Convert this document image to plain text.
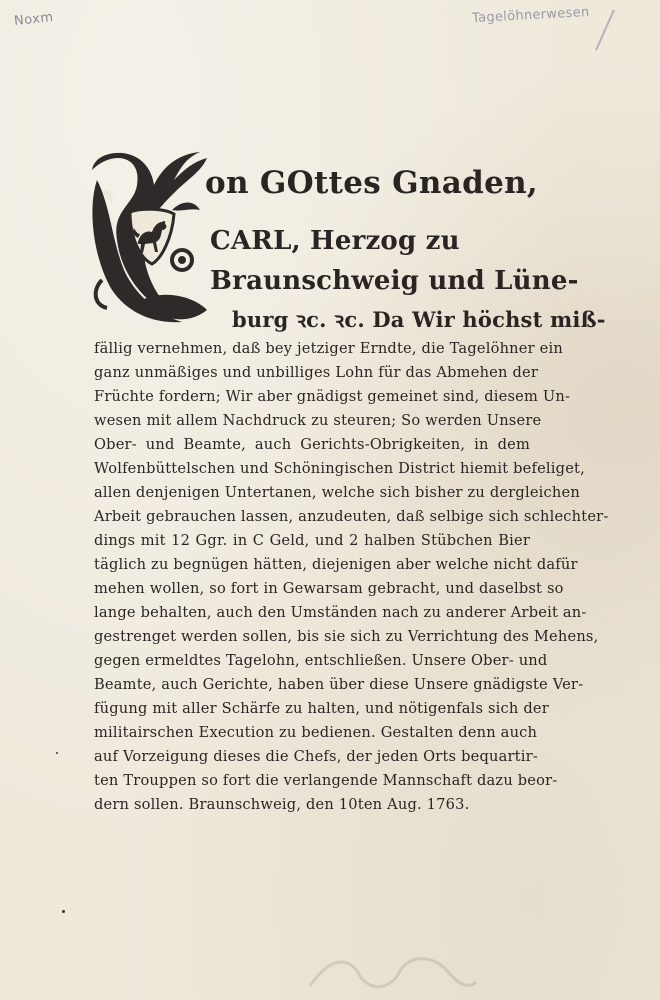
Noxm	Tagelöhnerwesen
on GOttes Gnaden,
CARL, Herzog zu
Braunschweig und Lüne-
burg ꝛc. ꝛc. Da Wir höchst miß-
fällig vernehmen, daß bey jetziger Erndte, die Tagelöhner ein
ganz unmäßiges und unbilliges Lohn für das Abmehen der
Früchte fordern; Wir aber gnädigst gemeinet sind, diesem Un-
wesen mit allem Nachdruck zu steuren; So werden Unsere
Ober- und Beamte, auch Gerichts-Obrigkeiten, in dem
Wolfenbüttelschen und Schöningischen District hiemit befeliget,
allen denjenigen Untertanen, welche sich bisher zu dergleichen
Arbeit gebrauchen lassen, anzudeuten, daß selbige sich schlechter-
dings mit 12 Ggr. in C Geld, und 2 halben Stübchen Bier
täglich zu begnügen hätten, diejenigen aber welche nicht dafür
mehen wollen, so fort in Gewarsam gebracht, und daselbst so
lange behalten, auch den Umständen nach zu anderer Arbeit an-
gestrenget werden sollen, bis sie sich zu Verrichtung des Mehens,
gegen ermeldtes Tagelohn, entschließen. Unsere Ober- und
Beamte, auch Gerichte, haben über diese Unsere gnädigste Ver-
fügung mit aller Schärfe zu halten, und nötigenfals sich der
militairschen Execution zu bedienen. Gestalten denn auch
auf Vorzeigung dieses die Chefs, der jeden Orts bequartir-
ten Trouppen so fort die verlangende Mannschaft dazu beor-
dern sollen. Braunschweig, den 10ten Aug. 1763.
